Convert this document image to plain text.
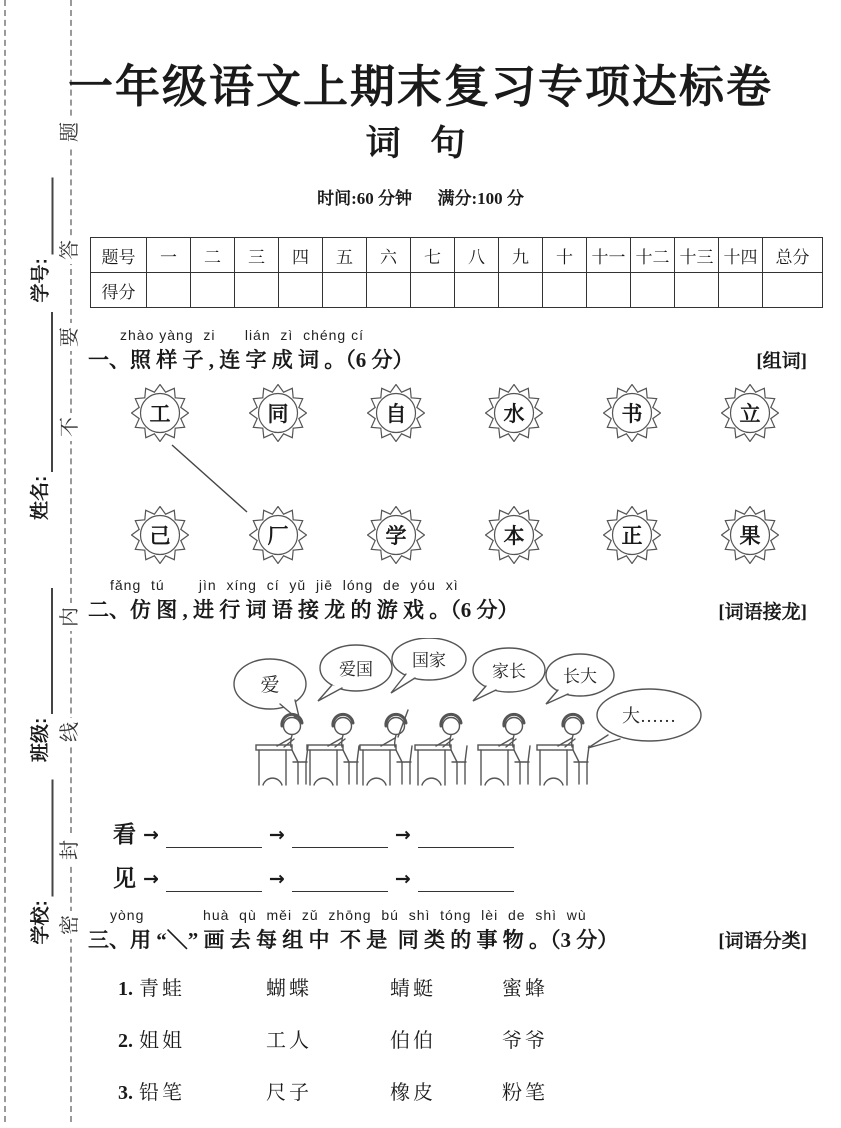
题
答
要
不
内
线
封
密
学号:
姓名:
班级:
学校:
一年级语文上期末复习专项达标卷
词 句
时间:60 分钟      满分:100 分
题号	一	二	三	四	五	六	七	八	九	十	十一	十二	十三	十四	总分
得分															
zhào yàng  zi      lián  zì  chéng cí
一、照 样 子 , 连 字 成 词 。（6 分）	[组词]
工	同	自	水	书	立
己	厂	学	本	正	果
fǎng  tú       jìn  xíng  cí  yǔ  jiē  lóng  de  yóu  xì
二、仿 图 , 进 行 词 语 接 龙 的 游 戏 。（6 分）	[词语接龙]
爱
爱国 国家
家长 长大
大……
看 →	→	→
见 →	→	→
yòng            huà  qù  měi  zǔ  zhōng  bú  shì  tóng  lèi  de  shì  wù
三、用 “＼” 画 去 每 组 中  不 是  同 类 的 事 物 。（3 分）	[词语分类]
1. 青蛙	蝴蝶	蜻蜓	蜜蜂
2. 姐姐	工人	伯伯	爷爷
3. 铅笔	尺子	橡皮	粉笔
